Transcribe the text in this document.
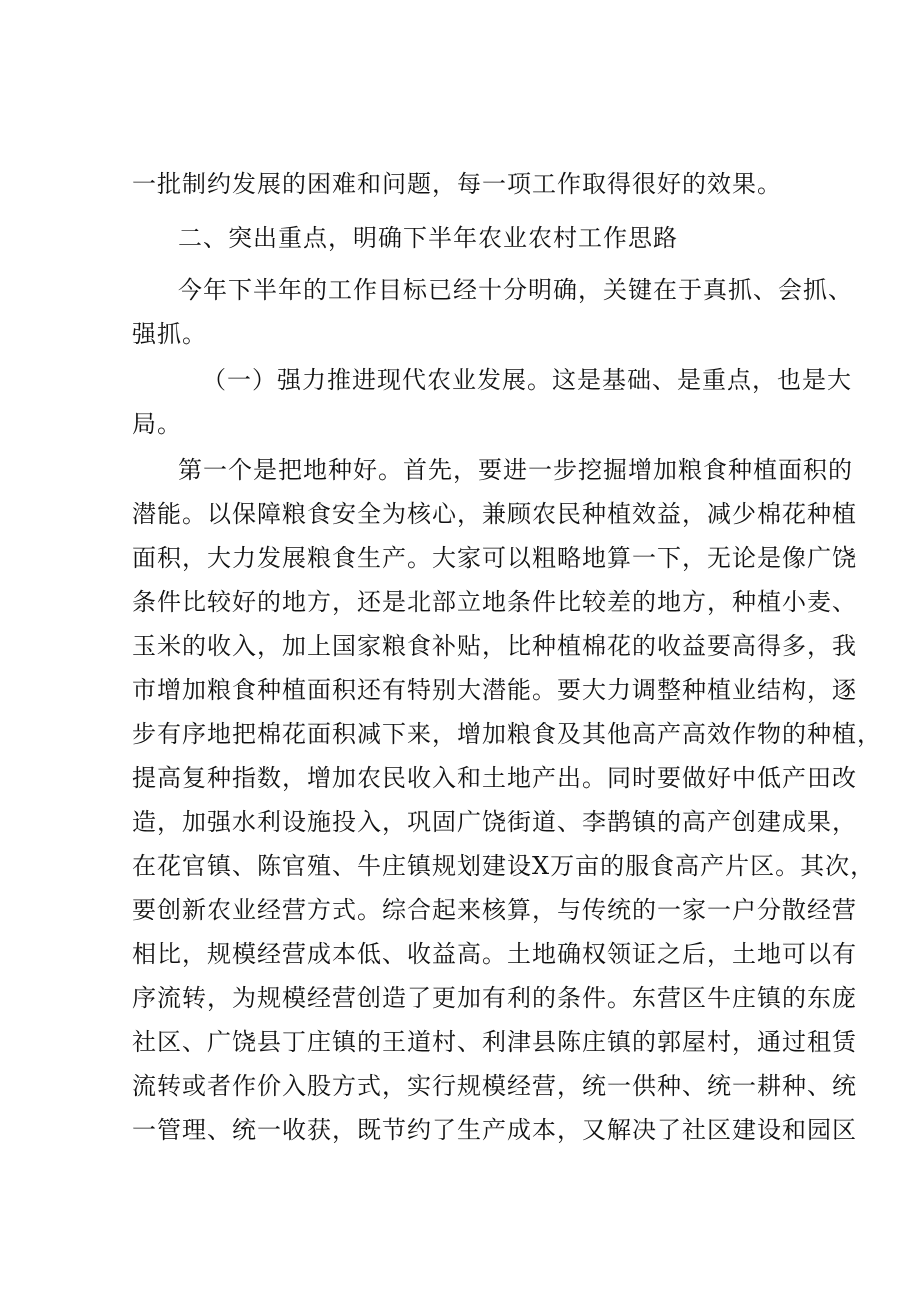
一批制约发展的困难和问题，每一项工作取得很好的效果。
二、突出重点，明确下半年农业农村工作思路
今年下半年的工作目标已经十分明确，关键在于真抓、会抓、
强抓。
（一）强力推进现代农业发展。这是基础、是重点，也是大
局。
第一个是把地种好。首先，要进一步挖掘增加粮食种植面积的
潜能。以保障粮食安全为核心，兼顾农民种植效益，减少棉花种植
面积，大力发展粮食生产。大家可以粗略地算一下，无论是像广饶
条件比较好的地方，还是北部立地条件比较差的地方，种植小麦、
玉米的收入，加上国家粮食补贴，比种植棉花的收益要高得多，我
市增加粮食种植面积还有特别大潜能。要大力调整种植业结构，逐
步有序地把棉花面积减下来，增加粮食及其他高产高效作物的种植，
提高复种指数，增加农民收入和土地产出。同时要做好中低产田改
造，加强水利设施投入，巩固广饶街道、李鹊镇的高产创建成果，
在花官镇、陈官殖、牛庄镇规划建设X万亩的服食高产片区。其次，
要创新农业经营方式。综合起来核算，与传统的一家一户分散经营
相比，规模经营成本低、收益高。土地确权领证之后，土地可以有
序流转，为规模经营创造了更加有利的条件。东营区牛庄镇的东庞
社区、广饶县丁庄镇的王道村、利津县陈庄镇的郭屋村，通过租赁
流转或者作价入股方式，实行规模经营，统一供种、统一耕种、统
一管理、统一收获，既节约了生产成本，又解决了社区建设和园区
